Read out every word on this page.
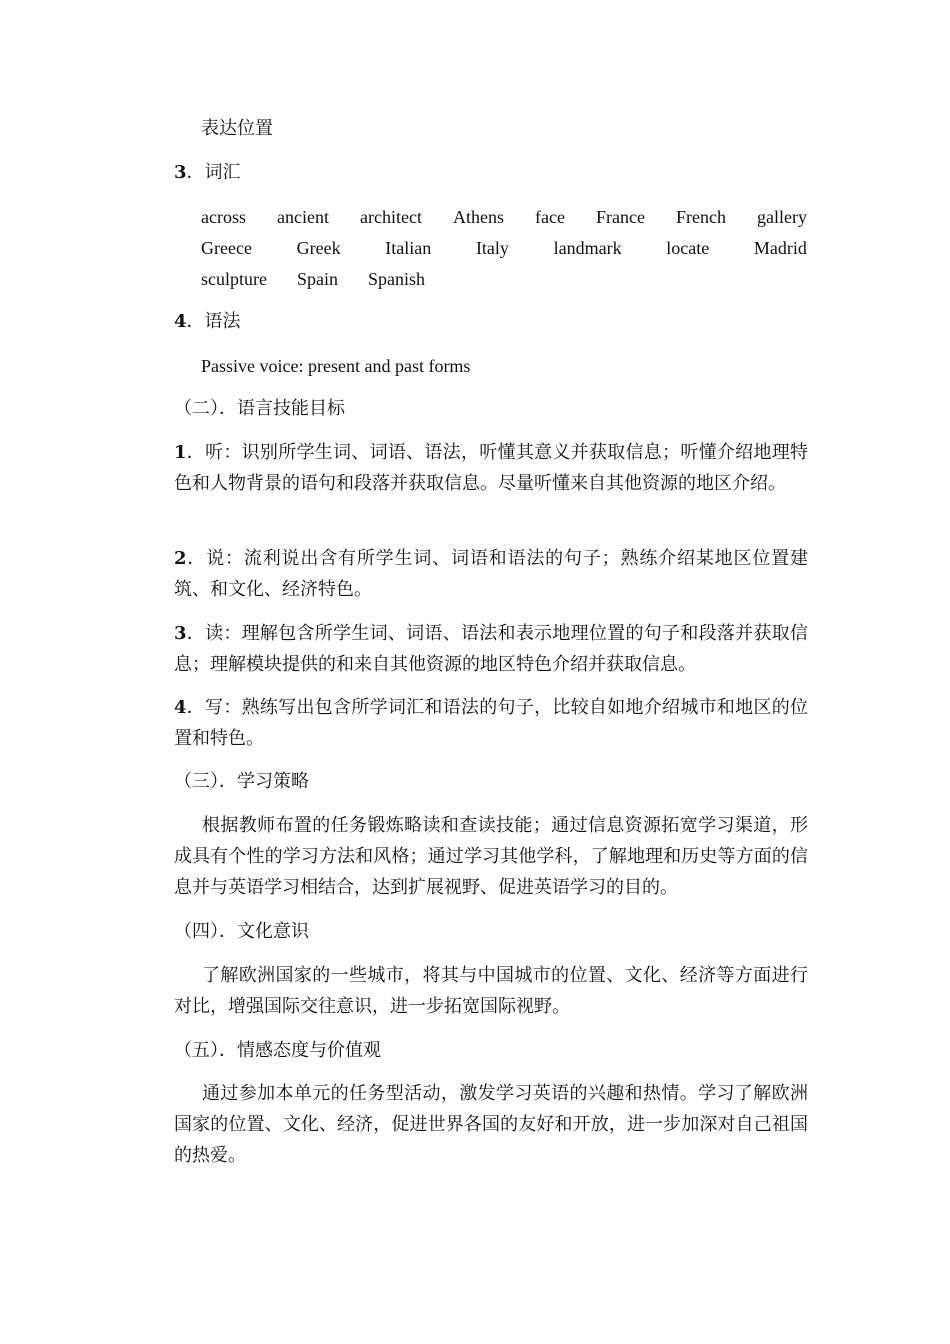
表达位置
3．词汇
across ancient architect Athens face France French gallery
Greece Greek Italian Italy landmark locate Madrid
sculpture Spain Spanish
4．语法
Passive voice: present and past forms
（二）．语言技能目标
1．听：识别所学生词、词语、语法，听懂其意义并获取信息；听懂介绍地理特色和人物背景的语句和段落并获取信息。尽量听懂来自其他资源的地区介绍。
2．说：流利说出含有所学生词、词语和语法的句子；熟练介绍某地区位置建筑、和文化、经济特色。
3．读：理解包含所学生词、词语、语法和表示地理位置的句子和段落并获取信息；理解模块提供的和来自其他资源的地区特色介绍并获取信息。
4．写：熟练写出包含所学词汇和语法的句子，比较自如地介绍城市和地区的位置和特色。
（三）．学习策略
根据教师布置的任务锻炼略读和查读技能；通过信息资源拓宽学习渠道，形成具有个性的学习方法和风格；通过学习其他学科，了解地理和历史等方面的信息并与英语学习相结合，达到扩展视野、促进英语学习的目的。
（四）．文化意识
了解欧洲国家的一些城市，将其与中国城市的位置、文化、经济等方面进行对比，增强国际交往意识，进一步拓宽国际视野。
（五）．情感态度与价值观
通过参加本单元的任务型活动，激发学习英语的兴趣和热情。学习了解欧洲国家的位置、文化、经济，促进世界各国的友好和开放，进一步加深对自己祖国的热爱。
